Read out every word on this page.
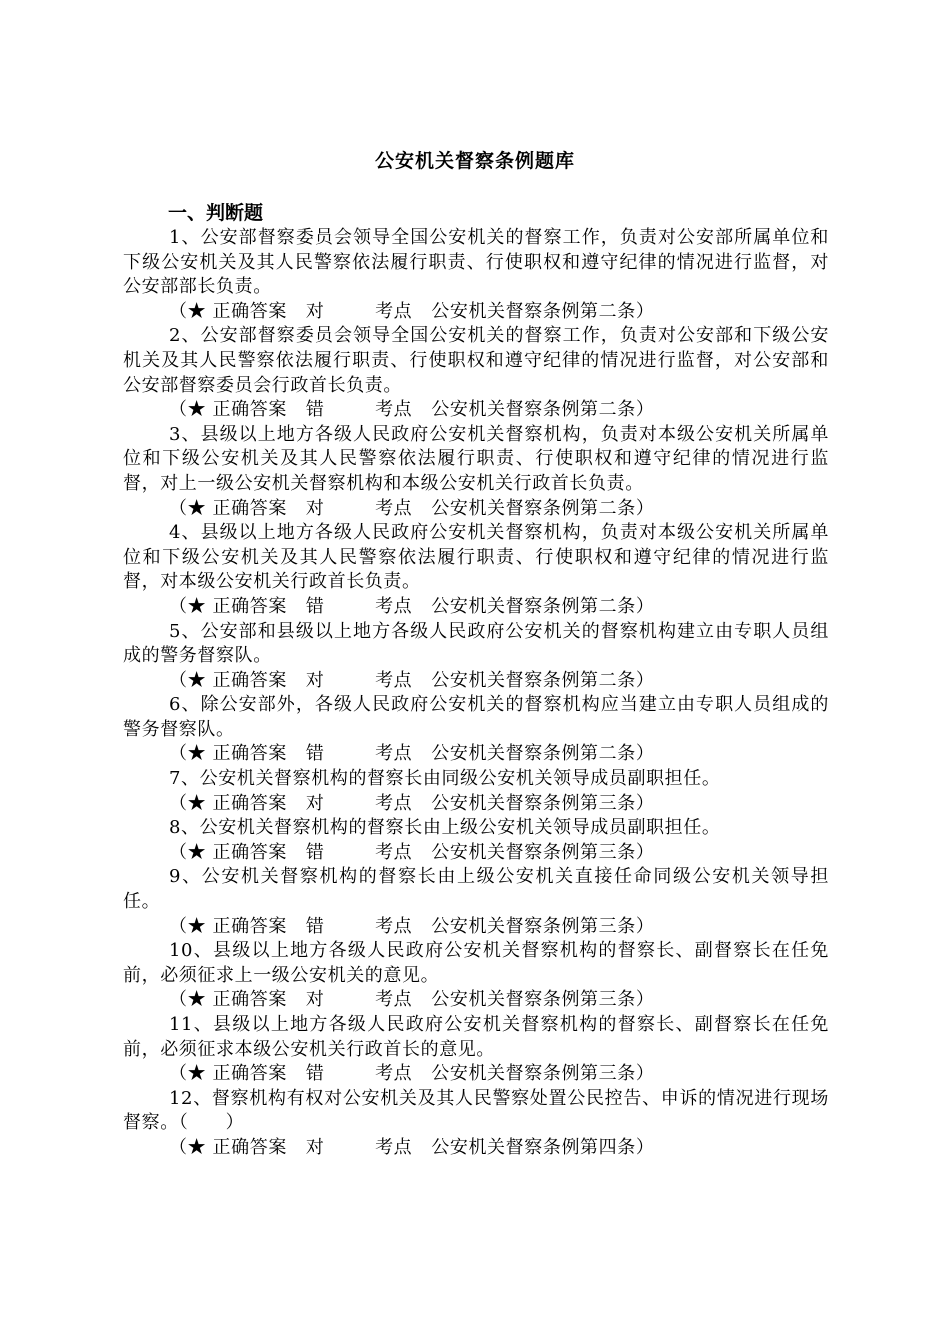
公安机关督察条例题库
一、判断题

1、公安部督察委员会领导全国公安机关的督察工作，负责对公安部所属单位和下级公安机关及其人民警察依法履行职责、行使职权和遵守纪律的情况进行监督，对公安部部长负责。

（★ 正确答案 对	考点 公安机关督察条例第二条）

2、公安部督察委员会领导全国公安机关的督察工作，负责对公安部和下级公安机关及其人民警察依法履行职责、行使职权和遵守纪律的情况进行监督，对公安部和公安部督察委员会行政首长负责。

（★ 正确答案 错	考点 公安机关督察条例第二条）

3、县级以上地方各级人民政府公安机关督察机构，负责对本级公安机关所属单位和下级公安机关及其人民警察依法履行职责、行使职权和遵守纪律的情况进行监督，对上一级公安机关督察机构和本级公安机关行政首长负责。

（★ 正确答案 对	考点 公安机关督察条例第二条）

4、县级以上地方各级人民政府公安机关督察机构，负责对本级公安机关所属单位和下级公安机关及其人民警察依法履行职责、行使职权和遵守纪律的情况进行监督，对本级公安机关行政首长负责。

（★ 正确答案 错	考点 公安机关督察条例第二条）

5、公安部和县级以上地方各级人民政府公安机关的督察机构建立由专职人员组成的警务督察队。

（★ 正确答案 对	考点 公安机关督察条例第二条）

6、除公安部外，各级人民政府公安机关的督察机构应当建立由专职人员组成的警务督察队。

（★ 正确答案 错	考点 公安机关督察条例第二条）

7、公安机关督察机构的督察长由同级公安机关领导成员副职担任。

（★ 正确答案 对	考点 公安机关督察条例第三条）

8、公安机关督察机构的督察长由上级公安机关领导成员副职担任。

（★ 正确答案 错	考点 公安机关督察条例第三条）

9、公安机关督察机构的督察长由上级公安机关直接任命同级公安机关领导担任。

（★ 正确答案 错	考点 公安机关督察条例第三条）

10、县级以上地方各级人民政府公安机关督察机构的督察长、副督察长在任免前，必须征求上一级公安机关的意见。

（★ 正确答案 对	考点 公安机关督察条例第三条）

11、县级以上地方各级人民政府公安机关督察机构的督察长、副督察长在任免前，必须征求本级公安机关行政首长的意见。

（★ 正确答案 错	考点 公安机关督察条例第三条）

12、督察机构有权对公安机关及其人民警察处置公民控告、申诉的情况进行现场督察。（　　）

（★ 正确答案 对	考点 公安机关督察条例第四条）
